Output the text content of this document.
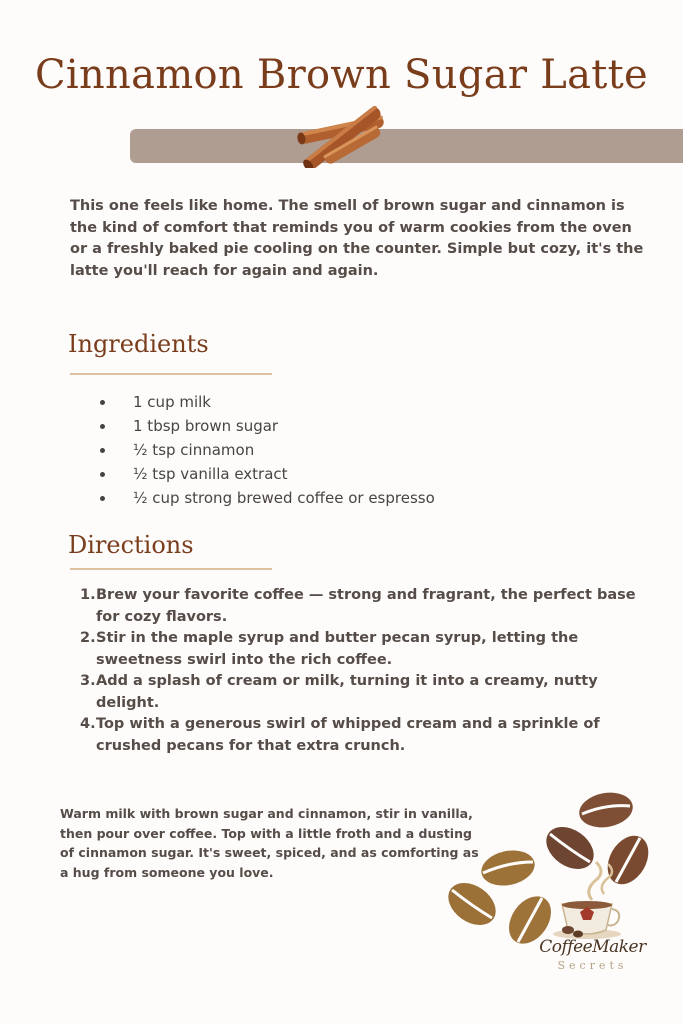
Cinnamon Brown Sugar Latte

This one feels like home. The smell of brown sugar and cinnamon is the kind of comfort that reminds you of warm cookies from the oven or a freshly baked pie cooling on the counter. Simple but cozy, it's the latte you'll reach for again and again.

Ingredients
1 cup milk
1 tbsp brown sugar
½ tsp cinnamon
½ tsp vanilla extract
½ cup strong brewed coffee or espresso
Directions
1. Brew your favorite coffee — strong and fragrant, the perfect base for cozy flavors.
2. Stir in the maple syrup and butter pecan syrup, letting the sweetness swirl into the rich coffee.
3. Add a splash of cream or milk, turning it into a creamy, nutty delight.
4. Top with a generous swirl of whipped cream and a sprinkle of crushed pecans for that extra crunch.

Warm milk with brown sugar and cinnamon, stir in vanilla, then pour over coffee. Top with a little froth and a dusting of cinnamon sugar. It's sweet, spiced, and as comforting as a hug from someone you love.

CoffeeMaker
Secrets
